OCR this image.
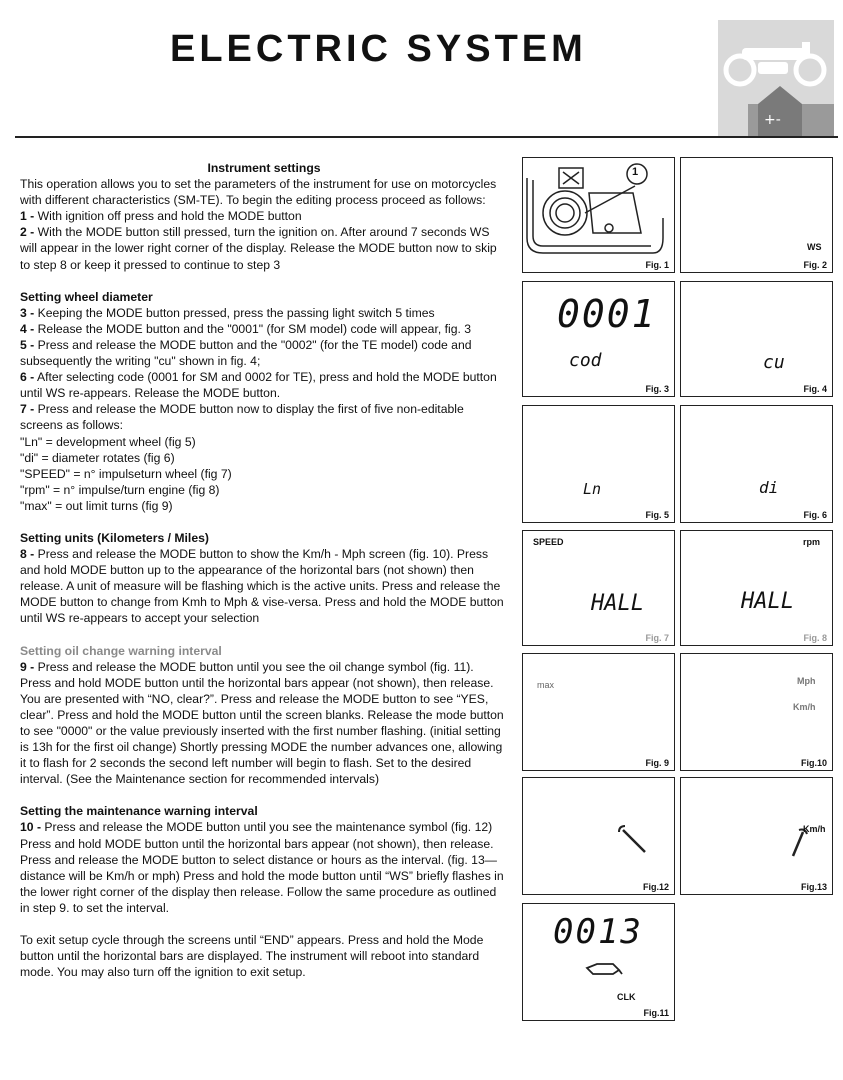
ELECTRIC SYSTEM
+-

Instrument settings

This operation allows you to set the parameters of the instrument for use on motorcycles with different characteristics (SM-TE). To begin the editing process proceed as follows:

1 - With ignition off press and hold the MODE button

2 - With the MODE button still pressed, turn the ignition on. After around 7 seconds WS will appear in the lower right corner of the display. Release the MODE button now to skip to step 8 or keep it pressed to continue to step 3

Setting wheel diameter

3 - Keeping the MODE button pressed, press the passing light switch 5 times

4 - Release the MODE button and the "0001" (for SM model) code will appear, fig. 3

5 - Press and release the MODE button and the "0002" (for the TE model) code and subsequently the writing "cu" shown in fig. 4;

6 - After selecting code (0001 for SM and 0002 for TE), press and hold the MODE button until WS re-appears. Release the MODE button.

7 - Press and release the MODE button now to display the first of five non-editable screens as follows:

"Ln" = development wheel (fig 5)

"di" = diameter rotates (fig 6)

"SPEED" = n° impulseturn wheel (fig 7)

"rpm" = n° impulse/turn engine (fig 8)

"max" = out limit turns (fig 9)

Setting units (Kilometers / Miles)

8 - Press and release the MODE button to show the Km/h - Mph screen (fig. 10). Press and hold MODE button up to the appearance of the horizontal bars (not shown) then release. A unit of measure will be flashing which is the active units. Press and release the MODE button to change from Kmh to Mph & vise-versa. Press and hold the MODE button until WS re-appears to accept your selection

Setting oil change warning interval

9 - Press and release the MODE button until you see the oil change symbol (fig. 11). Press and hold MODE button until the horizontal bars appear (not shown), then release. You are presented with “NO, clear?”. Press and release the MODE button to see “YES, clear”. Press and hold the MODE button until the screen blanks. Release the mode button to see "0000" or the value previously inserted with the first number flashing. (initial setting is 13h for the first oil change) Shortly pressing MODE the number advances one, allowing it to flash for 2 seconds the second left number will begin to flash. Set to the desired interval. (See the Maintenance section for recommended intervals)

Setting the maintenance warning interval

10 - Press and release the MODE button until you see the maintenance symbol (fig. 12) Press and hold MODE button until the horizontal bars appear (not shown), then release. Press and release the MODE button to select distance or hours as the interval. (fig. 13—distance will be Km/h or mph) Press and hold the mode button until “WS” briefly flashes in the lower right corner of the display then release. Follow the same procedure as outlined in step 9. to set the interval.

To exit setup cycle through the screens until “END” appears. Press and hold the Mode button until the horizontal bars are displayed. The instrument will reboot into standard mode. You may also turn off the ignition to exit setup.

1
Fig. 1
WS
Fig. 2
0001
cod
Fig. 3
cu
Fig. 4
Ln
Fig. 5
di
Fig. 6
SPEED
HALL
Fig. 7
rpm
HALL
Fig. 8
max
Fig. 9
Mph
Km/h
Fig.10
Fig.12
Km/h
Fig.13
0013
CLK
Fig.11
